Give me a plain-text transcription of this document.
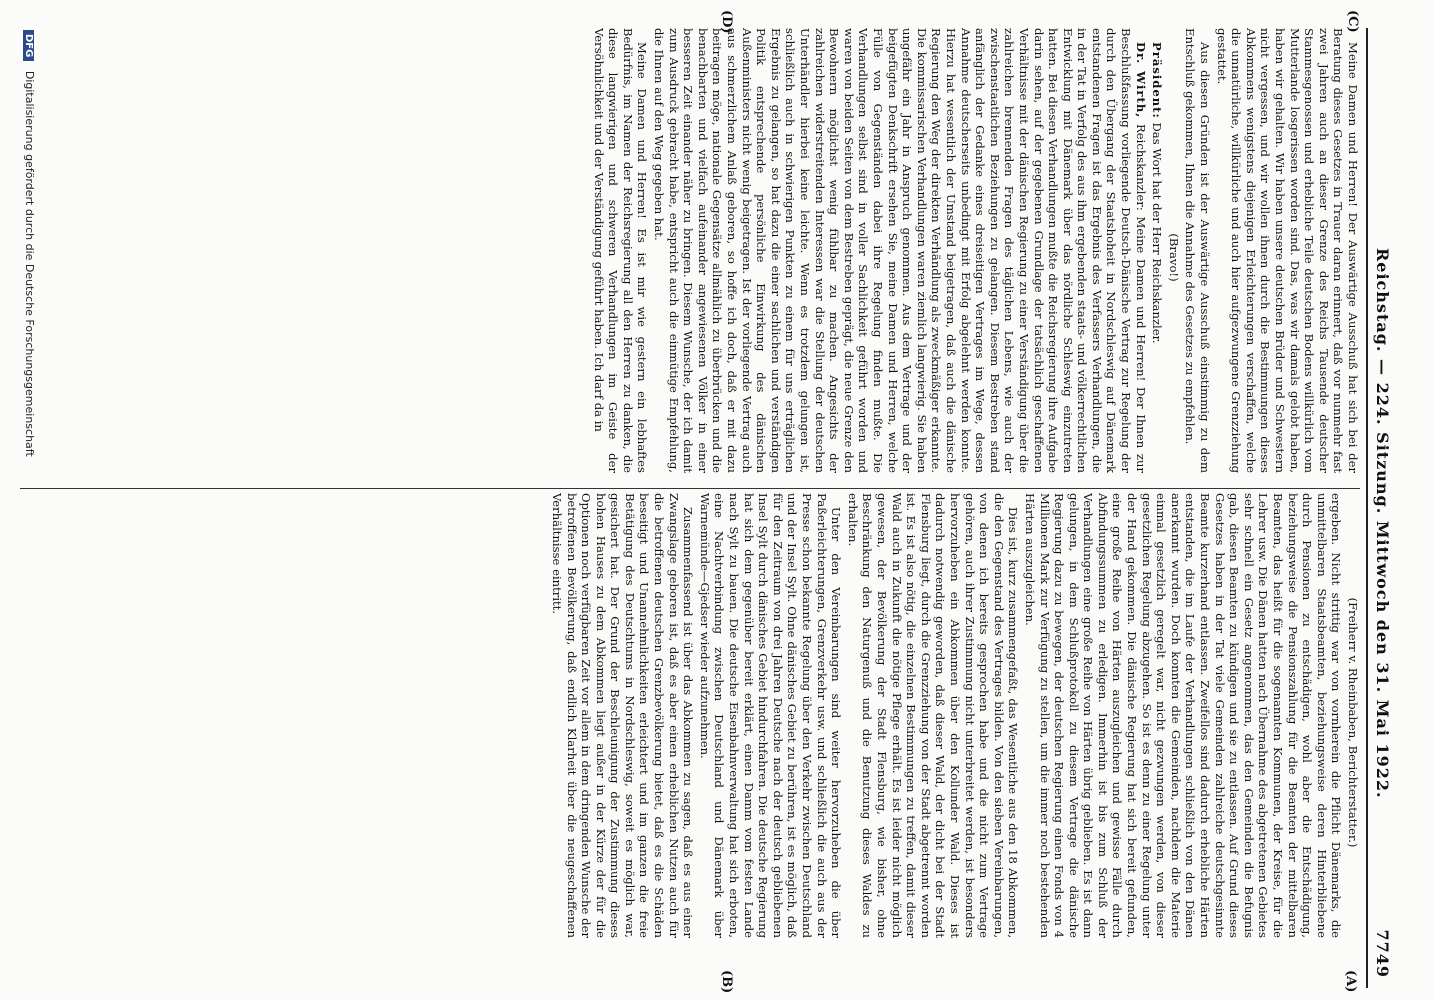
Reichstag. — 224. Sitzung. Mittwoch den 31. Mai 1922.
7749
(A)
(B)
(C)
(D)

(Freiherr v. Rheinbaben, Berichterstatter.)

ergeben. Nicht strittig war von vornherein die Pflicht Dänemarks, die unmittelbaren Staatsbeamten, beziehungsweise deren Hinterbliebene durch Pensionen zu entschädigen, wohl aber die Entschädigung, beziehungsweise die Pensionszahlung für die Beamten der mittelbaren Beamten, das heißt für die sogenannten Kommunen, der Kreise, für die Lehrer usw. Die Dänen hatten nach Übernahme des abgetretenen Gebietes sehr schnell ein Gesetz angenommen, das den Gemeinden die Befugnis gab, diesen Beamten zu kündigen und sie zu entlassen. Auf Grund dieses Gesetzes haben in der Tat viele Gemeinden zahlreiche deutschgesinnte Beamte kurzerhand entlassen. Zweifellos sind dadurch erhebliche Härten entstanden, die im Laufe der Verhandlungen schließlich von den Dänen anerkannt wurden. Doch konnten die Gemeinden, nachdem die Materie einmal gesetzlich geregelt war, nicht gezwungen werden, von dieser gesetzlichen Regelung abzugehen. So ist es denn zu einer Regelung unter der Hand gekommen. Die dänische Regierung hat sich bereit gefunden, eine große Reihe von Härten auszugleichen und gewisse Fälle durch Abfindungssummen zu erledigen. Immerhin ist bis zum Schluß der Verhandlungen eine große Reihe von Härten übrig geblieben. Es ist dann gelungen, in dem Schlußprotokoll zu diesem Vertrage die dänische Regierung dazu zu bewegen, der deutschen Regierung einen Fonds von 4 Millionen Mark zur Verfügung zu stellen, um die immer noch bestehenden Härten auszugleichen.

Dies ist, kurz zusammengefaßt, das Wesentliche aus den 18 Abkommen, die den Gegenstand des Vertrages bilden. Von den sieben Vereinbarungen, von denen ich bereits gesprochen habe und die nicht zum Vertrage gehören, auch ihrer Zustimmung nicht unterbreitet werden, ist besonders hervorzuheben ein Abkommen über den Kollunder Wald. Dieses ist dadurch notwendig geworden, daß dieser Wald, der dicht bei der Stadt Flensburg liegt, durch die Grenzziehung von der Stadt abgetrennt worden ist. Es ist also nötig, die einzelnen Bestimmungen zu treffen, damit dieser Wald auch in Zukunft die nötige Pflege erhält. Es ist leider nicht möglich gewesen, der Bevölkerung der Stadt Flensburg, wie bisher, ohne Beschränkung den Naturgenuß und die Benutzung dieses Waldes zu erhalten.

Unter den Vereinbarungen sind weiter hervorzuheben die über Paßerleichterungen, Grenzverkehr usw. und schließlich die auch aus der Presse schon bekannte Regelung über den Verkehr zwischen Deutschland und der Insel Sylt. Ohne dänisches Gebiet zu berühren, ist es möglich, daß für den Zeitraum von drei Jahren Deutsche nach der deutsch gebliebenen Insel Sylt durch dänisches Gebiet hindurchfahren. Die deutsche Regierung hat sich dem gegenüber bereit erklärt, einen Damm vom festen Lande nach Sylt zu bauen. Die deutsche Eisenbahnverwaltung hat sich erboten, eine Nachtverbindung zwischen Deutschland und Dänemark über Warnemünde—Gjedser wieder aufzunehmen.

Zusammenfassend ist über das Abkommen zu sagen, daß es aus einer Zwangslage geboren ist, daß es aber einen erheblichen Nutzen auch für die betroffenen deutschen Grenzbevölkerung bietet, daß es die Schäden beseitigt und Unannehmlichkeiten erleichtert und im ganzen die freie Betätigung des Deutschtums in Nordschleswig, soweit es möglich war, gesichert hat. Der Grund der Beschleunigung der Zustimmung dieses hohen Hauses zu dem Abkommen liegt außer in der Kürze der für die Optionen noch verfügbaren Zeit vor allem in dem dringenden Wunsche der betroffenen Bevölkerung, daß endlich Klarheit über die neugeschaffenen Verhältnisse eintritt.

Meine Damen und Herren! Der Auswärtige Ausschuß hat sich bei der Beratung dieses Gesetzes in Trauer daran erinnert, daß vor nunmehr fast zwei Jahren auch an dieser Grenze des Reichs Tausende deutscher Stammesgenossen und erhebliche Teile deutschen Bodens willkürlich vom Mutterlande losgerissen worden sind. Das, was wir damals gelobt haben, haben wir gehalten. Wir haben unsere deutschen Brüder und Schwestern nicht vergessen, und wir wollen ihnen durch die Bestimmungen dieses Abkommens wenigstens diejenigen Erleichterungen verschaffen, welche die unnatürliche, willkürliche und auch hier aufgezwungene Grenzziehung gestattet.

Aus diesen Gründen ist der Auswärtige Ausschuß einstimmig zu dem Entschluß gekommen, Ihnen die Annahme des Gesetzes zu empfehlen.

(Bravo!)

Präsident: Das Wort hat der Herr Reichskanzler.

Dr. Wirth, Reichskanzler: Meine Damen und Herren! Der Ihnen zur Beschlußfassung vorliegende Deutsch-Dänische Vertrag zur Regelung der durch den Übergang der Staatshoheit in Nordschleswig auf Dänemark entstandenen Fragen ist das Ergebnis des Verfassers Verhandlungen, die in der Tat in Verfolg des aus ihm ergebenden staats- und völkerrechtlichen Entwicklung mit Dänemark über das nördliche Schleswig einzutreten hatten. Bei diesen Verhandlungen mußte die Reichsregierung ihre Aufgabe darin sehen, auf der gegebenen Grundlage der tatsächlich geschaffenen Verhältnisse mit der dänischen Regierung zu einer Verständigung über die zahlreichen brennenden Fragen des täglichen Lebens, wie auch der zwischenstaatlichen Beziehungen zu gelangen. Diesem Bestreben stand anfänglich der Gedanke eines dreiseitigen Vertrages im Wege, dessen Annahme deutscherseits unbedingt mit Erfolg abgelehnt werden konnte. Hierzu hat wesentlich der Umstand beigetragen, daß auch die dänische Regierung den Weg der direkten Verhändlung als zweckmäßiger erkannte. Die kommissarischen Verhandlungen waren ziemlich langwierig. Sie haben ungefähr ein Jahr in Anspruch genommen. Aus dem Vertrage und der beigefügten Denkschrift ersehen Sie, meine Damen und Herren, welche Fülle von Gegenständen dabei ihre Regelung finden mußte. Die Verhandlungen selbst sind in voller Sachlichkeit geführt worden und waren von beiden Seiten von dem Bestreben geprägt, die neue Grenze den Bewohnern möglichst wenig fühlbar zu machen. Angesichts der zahlreichen widerstreitenden Interessen war die Stellung der deutschen Unterhändler hierbei keine leichte. Wenn es trotzdem gelungen ist, schließlich auch in schwierigen Punkten zu einem für uns erträglichen Ergebnis zu gelangen, so hat dazu die einer sachlichen und verständigen Politik entsprechende persönliche Einwirkung des dänischen Außenministers nicht wenig beigetragen. Ist der vorliegende Vertrag auch aus schmerzlichem Anlaß geboren, so hoffe ich doch, daß er mit dazu beitragen möge, nationale Gegensätze allmählich zu überbrücken und die benachbarten und vielfach aufeinander angewiesenen Völker in einer besseren Zeit einander näher zu bringen. Diesem Wunsche, der ich damit zum Ausdruck gebracht habe, entspricht auch die einmütige Empfehlung, die Ihnen auf den Weg gegeben hat.

Meine Damen und Herren! Es ist mir wie gestern ein lebhaftes Bedürfnis, im Namen der Reichsregierung all den Herren zu danken, die diese langwierigen und schweren Verhandlungen im Geiste der Versöhnlichkeit und der Verständigung geführt haben. Ich darf da in

DFG Digitalisierung gefördert durch die Deutsche Forschungsgemeinschaft
